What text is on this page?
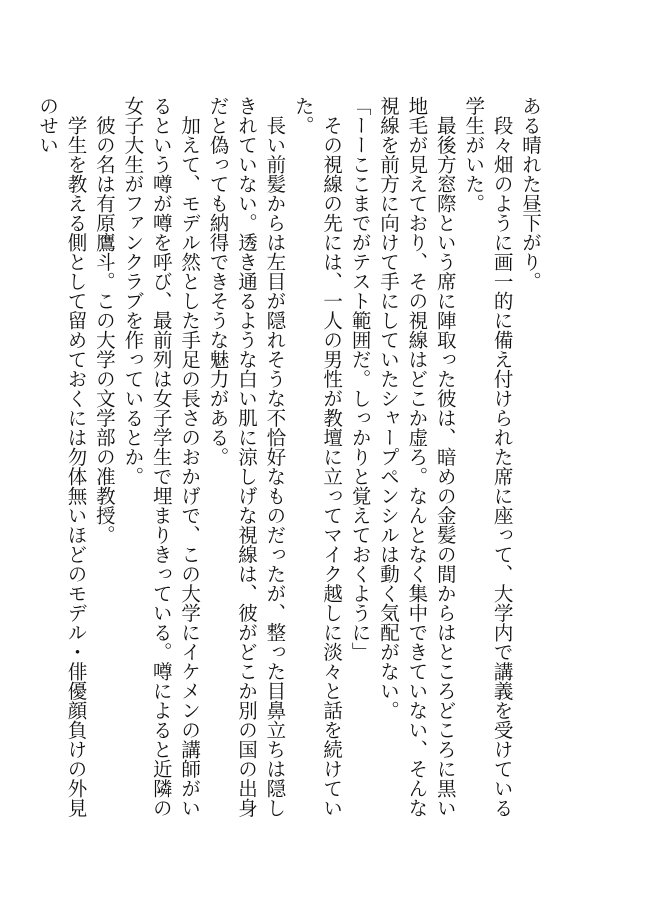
ある晴れた昼下がり。

　段々畑のように画一的に備え付けられた席に座って、大学内で講義を受けている学生がいた。

　最後方窓際という席に陣取った彼は、暗めの金髪の間からはところどころに黒い地毛が見えており、その視線はどこか虚ろ。なんとなく集中できていない、そんな視線を前方に向けて手にしていたシャープペンシルは動く気配がない。

「ーーここまでがテスト範囲だ。しっかりと覚えておくように」

　その視線の先には、一人の男性が教壇に立ってマイク越しに淡々と話を続けていた。

　長い前髪からは左目が隠れそうな不恰好なものだったが、整った目鼻立ちは隠しきれていない。透き通るような白い肌に涼しげな視線は、彼がどこか別の国の出身だと偽っても納得できそうな魅力がある。

　加えて、モデル然とした手足の長さのおかげで、この大学にイケメンの講師がいるという噂が噂を呼び、最前列は女子学生で埋まりきっている。噂によると近隣の女子大生がファンクラブを作っているとか。

　彼の名は有原鷹斗。この大学の文学部の准教授。

　学生を教える側として留めておくには勿体無いほどのモデル・俳優顔負けの外見のせい
